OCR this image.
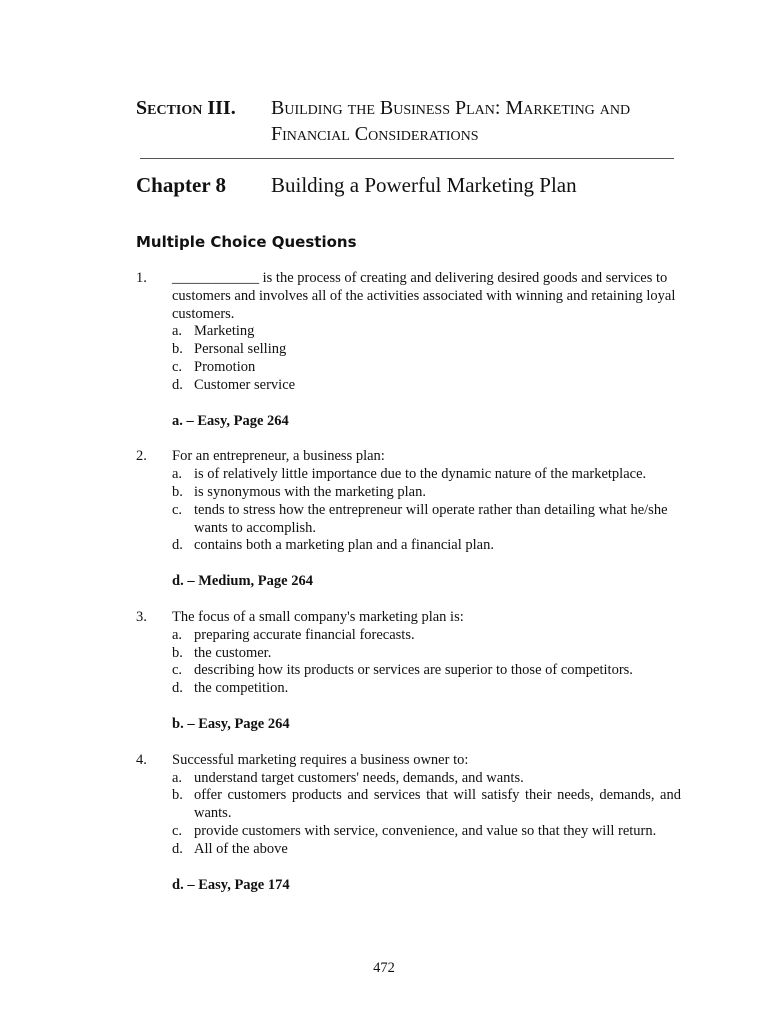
Section III.	Building the Business Plan: Marketing and Financial Considerations
Chapter 8	Building a Powerful Marketing Plan
Multiple Choice Questions
1.	____________ is the process of creating and delivering desired goods and services to customers and involves all of the activities associated with winning and retaining loyal customers.
a. Marketing
b. Personal selling
c. Promotion
d. Customer service
a. – Easy, Page 264
2.	For an entrepreneur, a business plan:
a. is of relatively little importance due to the dynamic nature of the marketplace.
b. is synonymous with the marketing plan.
c. tends to stress how the entrepreneur will operate rather than detailing what he/she wants to accomplish.
d. contains both a marketing plan and a financial plan.
d. – Medium, Page 264
3.	The focus of a small company's marketing plan is:
a. preparing accurate financial forecasts.
b. the customer.
c. describing how its products or services are superior to those of competitors.
d. the competition.
b. – Easy, Page 264
4.	Successful marketing requires a business owner to:
a. understand target customers' needs, demands, and wants.
b. offer customers products and services that will satisfy their needs, demands, and wants.
c. provide customers with service, convenience, and value so that they will return.
d. All of the above
d. – Easy, Page 174
472
